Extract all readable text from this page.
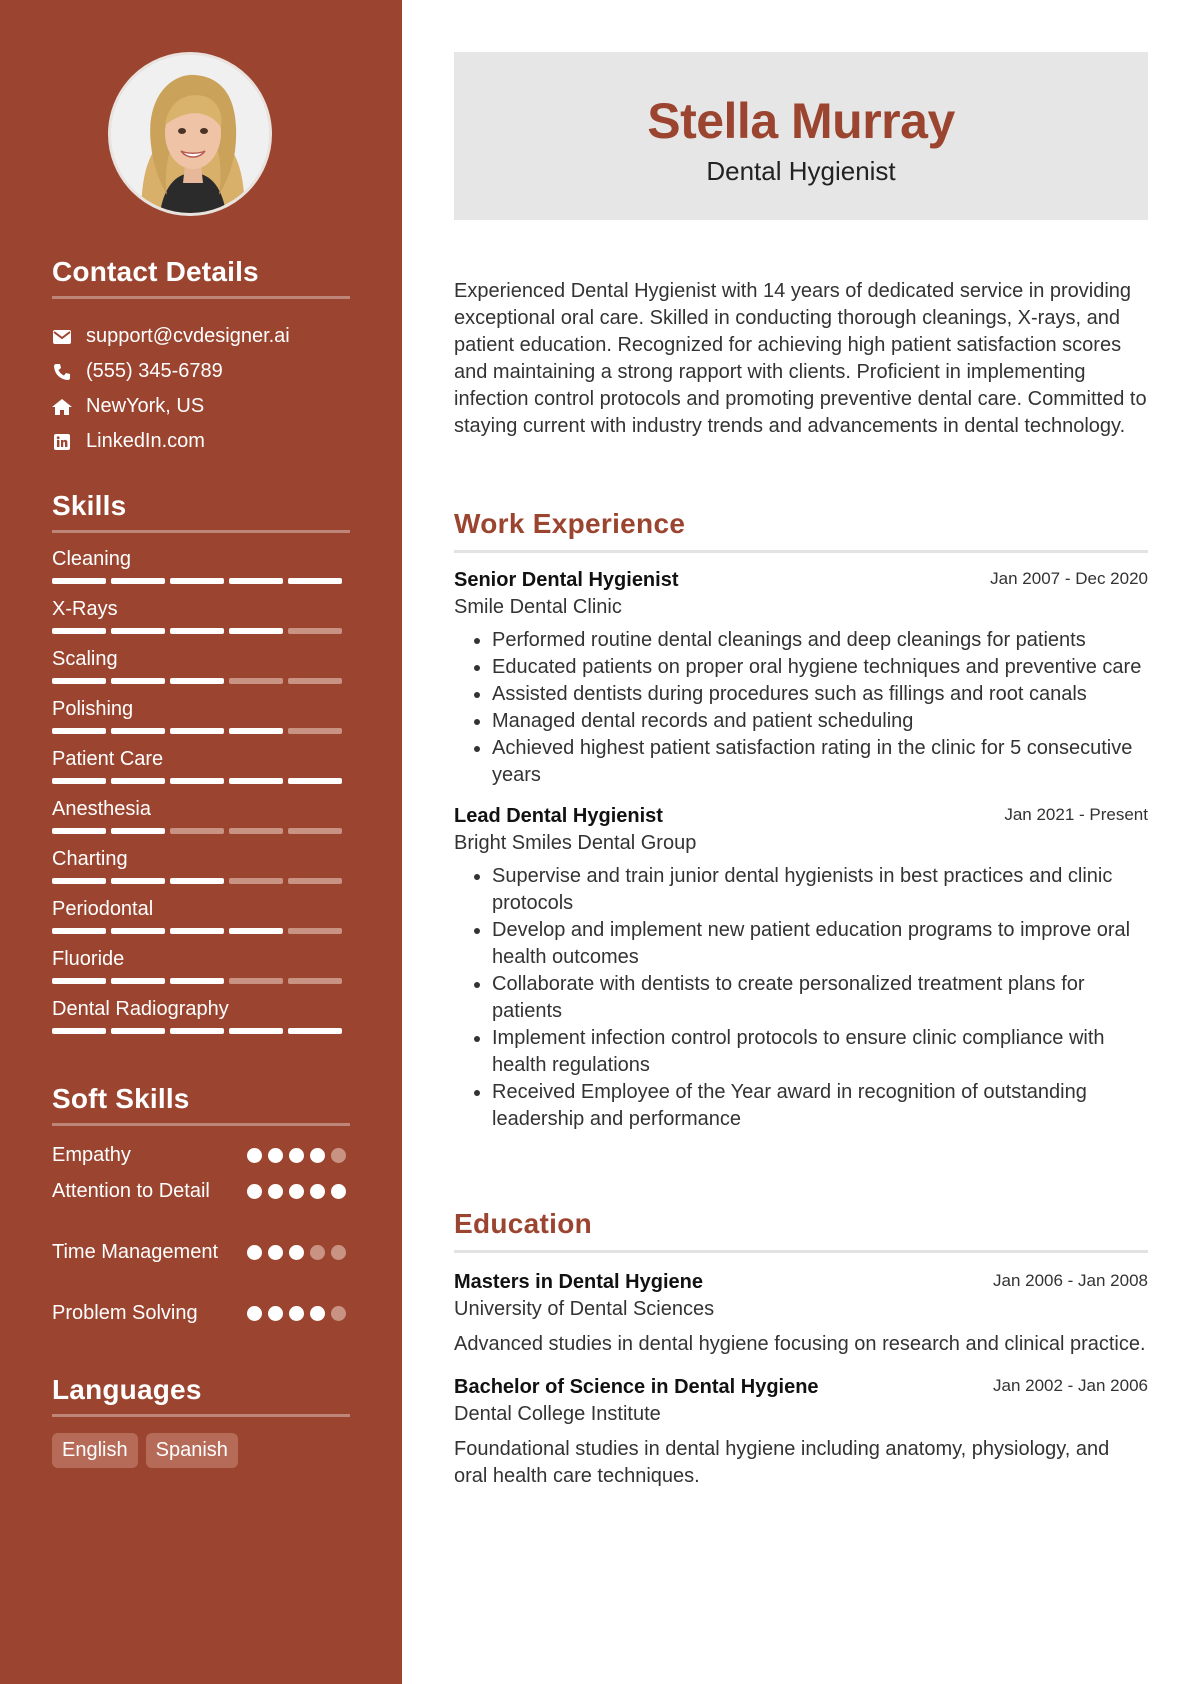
Contact Details
support@cvdesigner.ai
(555) 345-6789
NewYork, US
LinkedIn.com
Skills
Cleaning
X-Rays
Scaling
Polishing
Patient Care
Anesthesia
Charting
Periodontal
Fluoride
Dental Radiography
Soft Skills
Empathy
Attention to Detail
Time Management
Problem Solving
Languages
English	Spanish
Stella Murray
Dental Hygienist

Experienced Dental Hygienist with 14 years of dedicated service in providing exceptional oral care. Skilled in conducting thorough cleanings, X-rays, and patient education. Recognized for achieving high patient satisfaction scores and maintaining a strong rapport with clients. Proficient in implementing infection control protocols and promoting preventive dental care. Committed to staying current with industry trends and advancements in dental technology.

Work Experience
Senior Dental Hygienist	Jan 2007 - Dec 2020
Smile Dental Clinic
• Performed routine dental cleanings and deep cleanings for patients
• Educated patients on proper oral hygiene techniques and preventive care
• Assisted dentists during procedures such as fillings and root canals
• Managed dental records and patient scheduling
• Achieved highest patient satisfaction rating in the clinic for 5 consecutive years
Lead Dental Hygienist	Jan 2021 - Present
Bright Smiles Dental Group
• Supervise and train junior dental hygienists in best practices and clinic protocols
• Develop and implement new patient education programs to improve oral health outcomes
• Collaborate with dentists to create personalized treatment plans for patients
• Implement infection control protocols to ensure clinic compliance with health regulations
• Received Employee of the Year award in recognition of outstanding leadership and performance
Education
Masters in Dental Hygiene	Jan 2006 - Jan 2008
University of Dental Sciences

Advanced studies in dental hygiene focusing on research and clinical practice.

Bachelor of Science in Dental Hygiene	Jan 2002 - Jan 2006
Dental College Institute

Foundational studies in dental hygiene including anatomy, physiology, and oral health care techniques.
